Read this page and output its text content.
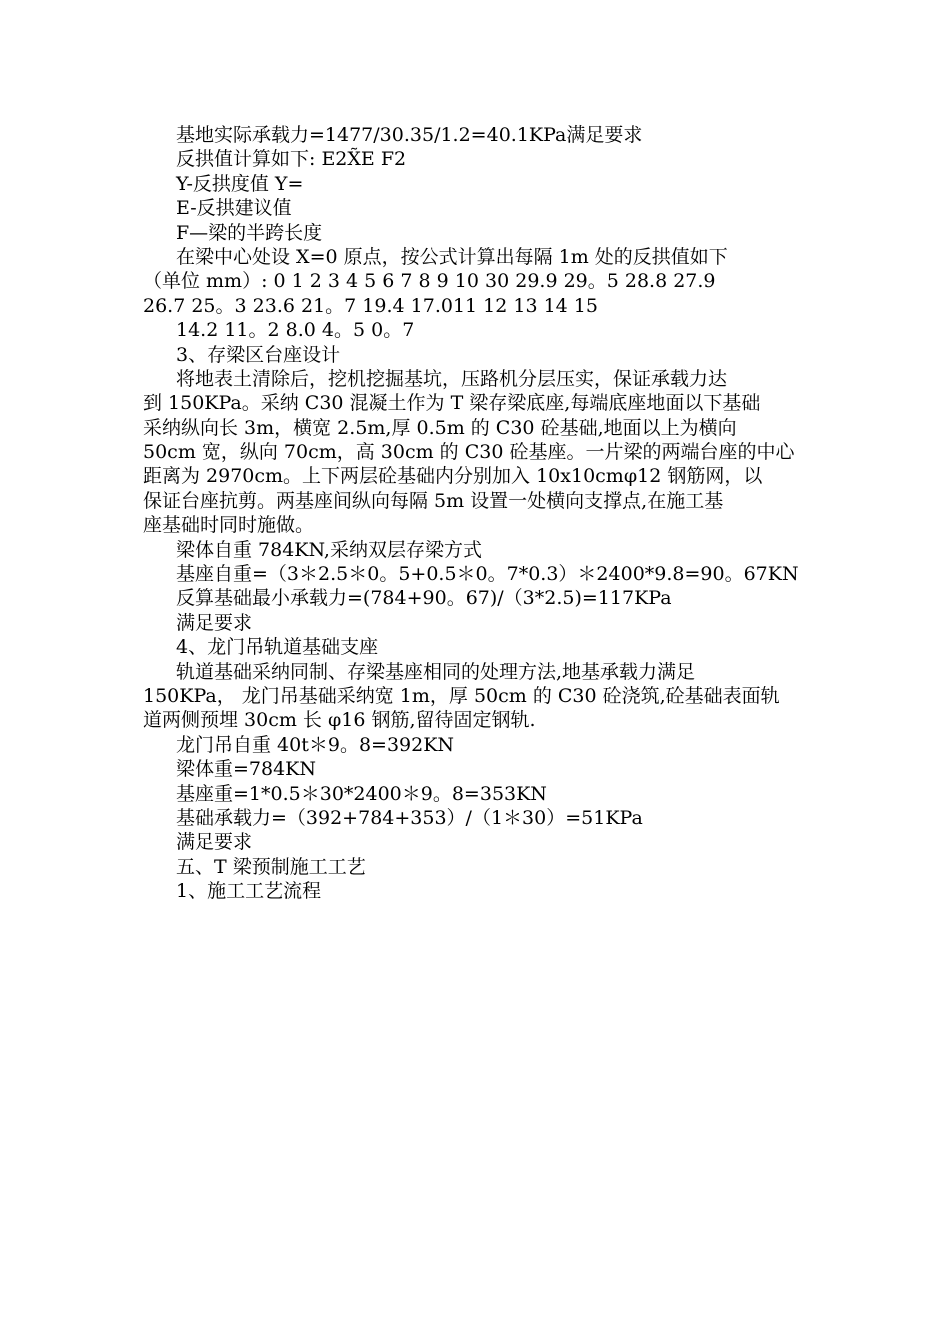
基地实际承载力=1477/30.35/1.2=40.1KPa满足要求
反拱值计算如下: E2X̃E F2
Y-反拱度值 Y=
E-反拱建议值
F—梁的半跨长度
在梁中心处设 X=0 原点，按公式计算出每隔 1m 处的反拱值如下
（单位 mm）: 0 1 2 3 4 5 6 7 8 9 10 30 29.9 29。5 28.8 27.9
26.7 25。3 23.6 21。7 19.4 17.011 12 13 14 15
14.2 11。2 8.0 4。5 0。7
3、存梁区台座设计
将地表土清除后，挖机挖掘基坑，压路机分层压实，保证承载力达
到 150KPa。采纳 C30 混凝土作为 T 梁存梁底座,每端底座地面以下基础
采纳纵向长 3m，横宽 2.5m,厚 0.5m 的 C30 砼基础,地面以上为横向
50cm 宽，纵向 70cm，高 30cm 的 C30 砼基座。一片梁的两端台座的中心
距离为 2970cm。上下两层砼基础内分别加入 10x10cmφ12 钢筋网，以
保证台座抗剪。两基座间纵向每隔 5m 设置一处横向支撑点,在施工基
座基础时同时施做。
梁体自重 784KN,采纳双层存梁方式
基座自重=（3＊2.5＊0。5+0.5＊0。7*0.3）＊2400*9.8=90。67KN
反算基础最小承载力=(784+90。67)/（3*2.5)=117KPa
满足要求
4、龙门吊轨道基础支座
轨道基础采纳同制、存梁基座相同的处理方法,地基承载力满足
150KPa， 龙门吊基础采纳宽 1m，厚 50cm 的 C30 砼浇筑,砼基础表面轨
道两侧预埋 30cm 长 φ16 钢筋,留待固定钢轨.
龙门吊自重 40t＊9。8=392KN
梁体重=784KN
基座重=1*0.5＊30*2400＊9。8=353KN
基础承载力=（392+784+353）/（1＊30）=51KPa
满足要求
五、T 梁预制施工工艺
1、施工工艺流程
